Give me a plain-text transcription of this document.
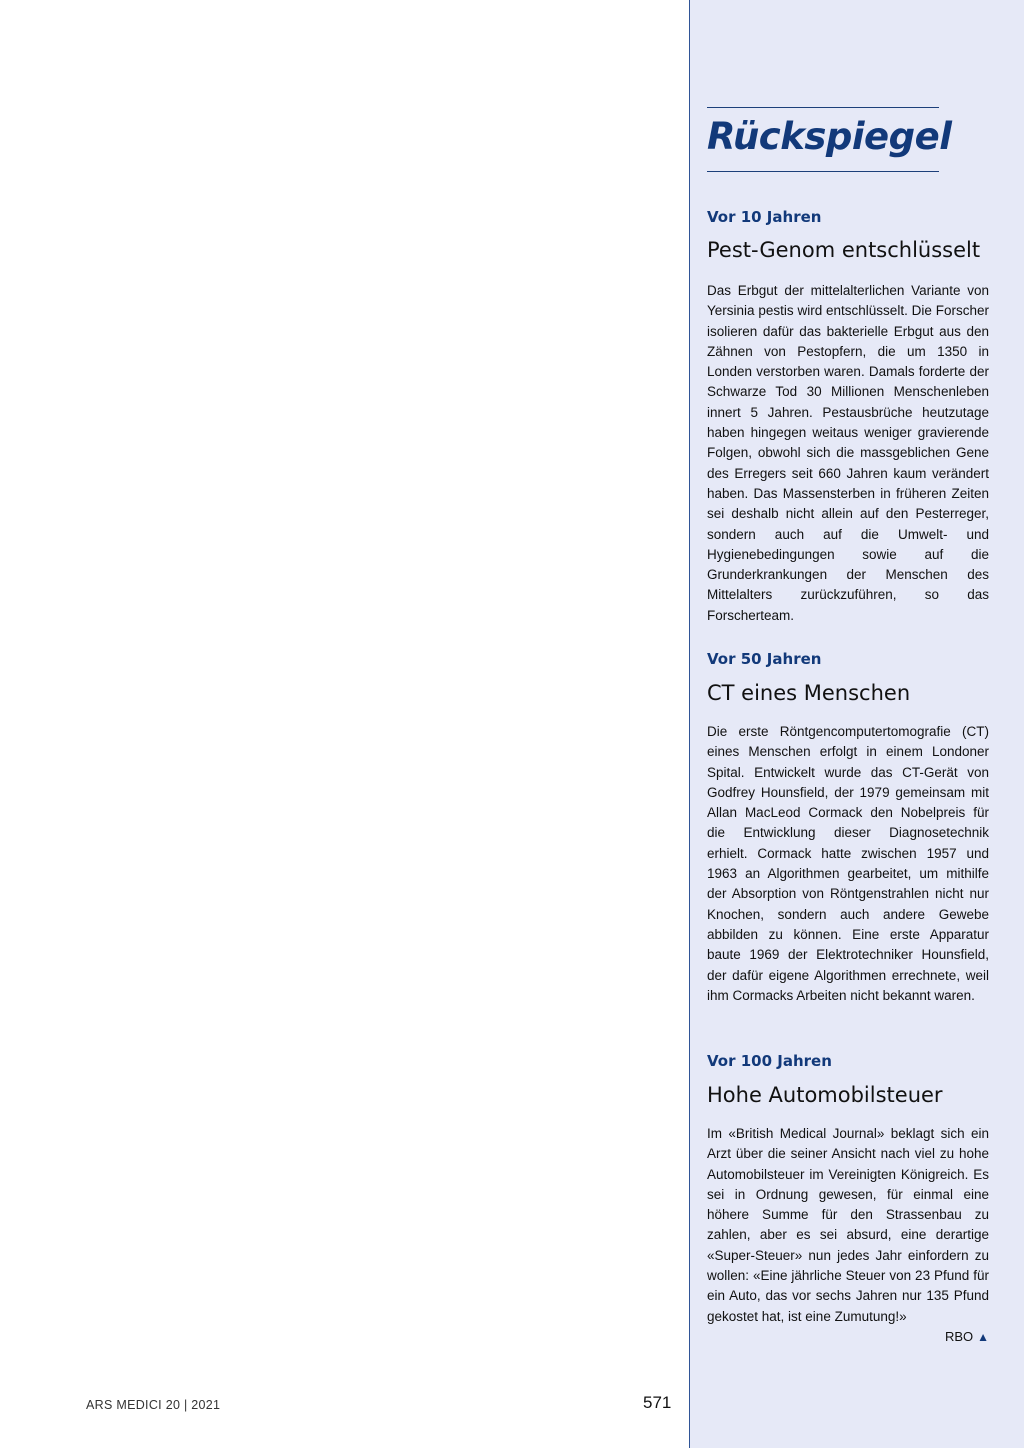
Rückspiegel
Vor 10 Jahren
Pest-Genom entschlüsselt

Das Erbgut der mittelalterlichen Variante von Yersinia pestis wird entschlüsselt. Die Forscher isolieren dafür das bakterielle Erbgut aus den Zähnen von Pestopfern, die um 1350 in Londen verstorben waren. Damals forderte der Schwarze Tod 30 Millionen Menschenleben innert 5 Jahren. Pestausbrüche heutzutage haben hingegen weitaus weniger gravierende Folgen, obwohl sich die massgeblichen Gene des Erregers seit 660 Jahren kaum verändert haben. Das Massensterben in früheren Zeiten sei deshalb nicht allein auf den Pesterreger, sondern auch auf die Umwelt- und Hygienebedingungen sowie auf die Grunderkrankungen der Menschen des Mittelalters zurückzuführen, so das Forscherteam.

Vor 50 Jahren
CT eines Menschen

Die erste Röntgencomputertomografie (CT) eines Menschen erfolgt in einem Londoner Spital. Entwickelt wurde das CT-Gerät von Godfrey Hounsfield, der 1979 gemeinsam mit Allan MacLeod Cormack den Nobelpreis für die Entwicklung dieser Diagnosetechnik erhielt. Cormack hatte zwischen 1957 und 1963 an Algorithmen gearbeitet, um mithilfe der Absorption von Röntgenstrahlen nicht nur Knochen, sondern auch andere Gewebe abbilden zu können. Eine erste Apparatur baute 1969 der Elektrotechniker Hounsfield, der dafür eigene Algorithmen errechnete, weil ihm Cormacks Arbeiten nicht bekannt waren.

Vor 100 Jahren
Hohe Automobilsteuer

Im «British Medical Journal» beklagt sich ein Arzt über die seiner Ansicht nach viel zu hohe Automobilsteuer im Vereinigten Königreich. Es sei in Ordnung gewesen, für einmal eine höhere Summe für den Strassenbau zu zahlen, aber es sei absurd, eine derartige «Super-Steuer» nun jedes Jahr einfordern zu wollen: «Eine jährliche Steuer von 23 Pfund für ein Auto, das vor sechs Jahren nur 135 Pfund gekostet hat, ist eine Zumutung!»

RBO ▲
ARS MEDICI 20 | 2021	571
